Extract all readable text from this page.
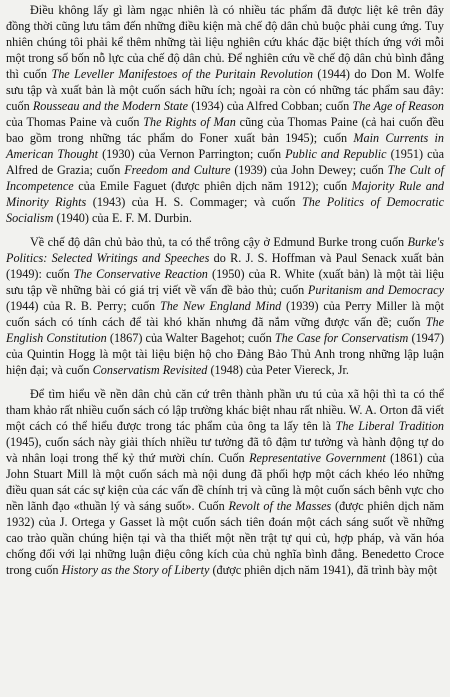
Điều không lấy gì làm ngạc nhiên là có nhiều tác phẩm đã được liệt kê trên đây đồng thời cũng lưu tâm đến những điều kiện mà chế độ dân chủ buộc phải cung ứng. Tuy nhiên chúng tôi phải kể thêm những tài liệu nghiên cứu khác đặc biệt thích ứng với mỗi một trong số bốn nỗ lực của chế độ dân chủ. Để nghiên cứu về chế độ dân chủ bình đẳng thì cuốn The Leveller Manifestoes of the Puritain Revolution (1944) do Don M. Wolfe sưu tập và xuất bản là một cuốn sách hữu ích; ngoài ra còn có những tác phẩm sau đây: cuốn Rousseau and the Modern State (1934) của Alfred Cobban; cuốn The Age of Reason của Thomas Paine và cuốn The Rights of Man cũng của Thomas Paine (cả hai cuốn đều bao gồm trong những tác phẩm do Foner xuất bản 1945); cuốn Main Currents in American Thought (1930) của Vernon Parrington; cuốn Public and Republic (1951) của Alfred de Grazia; cuốn Freedom and Culture (1939) của John Dewey; cuốn The Cult of Incompetence của Emile Faguet (được phiên dịch năm 1912); cuốn Majority Rule and Minority Rights (1943) của H. S. Commager; và cuốn The Politics of Democratic Socialism (1940) của E. F. M. Durbin.

Về chế độ dân chủ bảo thủ, ta có thể trông cậy ở Edmund Burke trong cuốn Burke's Politics: Selected Writings and Speeches do R. J. S. Hoffman và Paul Senack xuất bản (1949): cuốn The Conservative Reaction (1950) của R. White (xuất bản) là một tài liệu sưu tập về những bài có giá trị viết về vấn đề bảo thủ; cuốn Puritanism and Democracy (1944) của R. B. Perry; cuốn The New England Mind (1939) của Perry Miller là một cuốn sách có tính cách để tài khó khăn nhưng đã nắm vững được vấn đề; cuốn The English Constitution (1867) của Walter Bagehot; cuốn The Case for Conservatism (1947) của Quintin Hogg là một tài liệu biện hộ cho Đảng Bảo Thủ Anh trong những lập luận hiện đại; và cuốn Conservatism Revisited (1948) của Peter Viereck, Jr.

Để tìm hiểu về nền dân chủ căn cứ trên thành phần ưu tú của xã hội thì ta có thể tham khảo rất nhiều cuốn sách có lập trường khác biệt nhau rất nhiều. W. A. Orton đã viết một cách có thể hiểu được trong tác phẩm của ông ta lấy tên là The Liberal Tradition (1945), cuốn sách này giải thích nhiều tư tưởng đã tô đậm tư tưởng và hành động tự do và nhân loại trong thế kỷ thứ mười chín. Cuốn Representative Government (1861) của John Stuart Mill là một cuốn sách mà nội dung đã phối hợp một cách khéo léo những điều quan sát các sự kiện của các vấn đề chính trị và cũng là một cuốn sách bênh vực cho nền lãnh đạo «thuần lý và sáng suốt». Cuốn Revolt of the Masses (được phiên dịch năm 1932) của J. Ortega y Gasset là một cuốn sách tiên đoán một cách sáng suốt về những cao trào quần chúng hiện tại và tha thiết một nền trật tự qui củ, hợp pháp, và văn hóa chống đối với lại những luận điệu công kích của chủ nghĩa bình đẳng. Benedetto Croce trong cuốn History as the Story of Liberty (được phiên dịch năm 1941), đã trình bày một
